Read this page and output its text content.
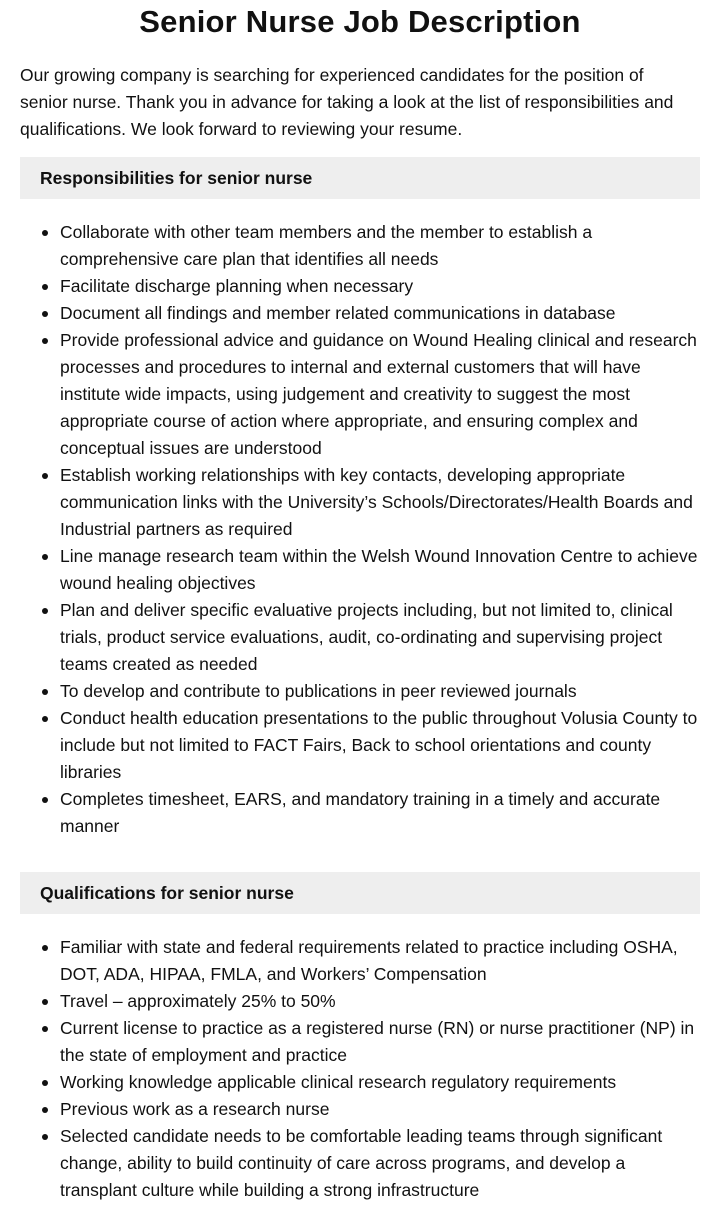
Senior Nurse Job Description

Our growing company is searching for experienced candidates for the position of senior nurse. Thank you in advance for taking a look at the list of responsibilities and qualifications. We look forward to reviewing your resume.

Responsibilities for senior nurse
Collaborate with other team members and the member to establish a comprehensive care plan that identifies all needs
Facilitate discharge planning when necessary
Document all findings and member related communications in database
Provide professional advice and guidance on Wound Healing clinical and research processes and procedures to internal and external customers that will have institute wide impacts, using judgement and creativity to suggest the most appropriate course of action where appropriate, and ensuring complex and conceptual issues are understood
Establish working relationships with key contacts, developing appropriate communication links with the University’s Schools/Directorates/Health Boards and Industrial partners as required
Line manage research team within the Welsh Wound Innovation Centre to achieve wound healing objectives
Plan and deliver specific evaluative projects including, but not limited to, clinical trials, product service evaluations, audit, co-ordinating and supervising project teams created as needed
To develop and contribute to publications in peer reviewed journals
Conduct health education presentations to the public throughout Volusia County to include but not limited to FACT Fairs, Back to school orientations and county libraries
Completes timesheet, EARS, and mandatory training in a timely and accurate manner
Qualifications for senior nurse
Familiar with state and federal requirements related to practice including OSHA, DOT, ADA, HIPAA, FMLA, and Workers’ Compensation
Travel – approximately 25% to 50%
Current license to practice as a registered nurse (RN) or nurse practitioner (NP) in the state of employment and practice
Working knowledge applicable clinical research regulatory requirements
Previous work as a research nurse
Selected candidate needs to be comfortable leading teams through significant change, ability to build continuity of care across programs, and develop a transplant culture while building a strong infrastructure
